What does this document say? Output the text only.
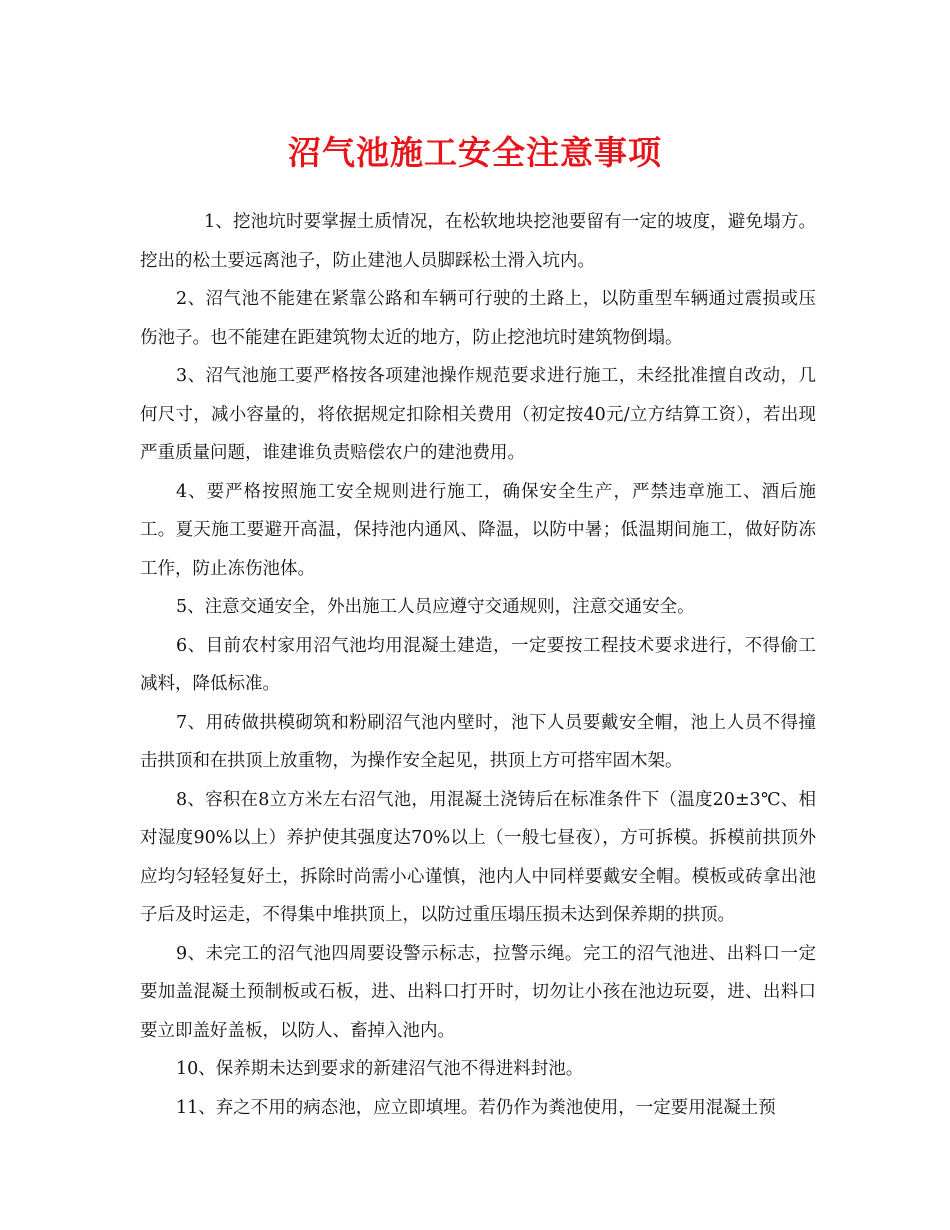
沼气池施工安全注意事项

1、挖池坑时要掌握土质情况，在松软地块挖池要留有一定的坡度，避免塌方。挖出的松土要远离池子，防止建池人员脚踩松土滑入坑内。

2、沼气池不能建在紧靠公路和车辆可行驶的土路上，以防重型车辆通过震损或压伤池子。也不能建在距建筑物太近的地方，防止挖池坑时建筑物倒塌。

3、沼气池施工要严格按各项建池操作规范要求进行施工，未经批准擅自改动，几何尺寸，减小容量的，将依据规定扣除相关费用（初定按40元/立方结算工资），若出现严重质量问题，谁建谁负责赔偿农户的建池费用。

4、要严格按照施工安全规则进行施工，确保安全生产，严禁违章施工、酒后施工。夏天施工要避开高温，保持池内通风、降温，以防中暑；低温期间施工，做好防冻工作，防止冻伤池体。

5、注意交通安全，外出施工人员应遵守交通规则，注意交通安全。

6、目前农村家用沼气池均用混凝土建造，一定要按工程技术要求进行，不得偷工减料，降低标准。

7、用砖做拱模砌筑和粉刷沼气池内壁时，池下人员要戴安全帽，池上人员不得撞击拱顶和在拱顶上放重物，为操作安全起见，拱顶上方可搭牢固木架。

8、容积在8立方米左右沼气池，用混凝土浇铸后在标准条件下（温度20±3℃、相对湿度90%以上）养护使其强度达70%以上（一般七昼夜），方可拆模。拆模前拱顶外应均匀轻轻复好土，拆除时尚需小心谨慎，池内人中同样要戴安全帽。模板或砖拿出池子后及时运走，不得集中堆拱顶上，以防过重压塌压损未达到保养期的拱顶。

9、未完工的沼气池四周要设警示标志，拉警示绳。完工的沼气池进、出料口一定要加盖混凝土预制板或石板，进、出料口打开时，切勿让小孩在池边玩耍，进、出料口要立即盖好盖板，以防人、畜掉入池内。

10、保养期未达到要求的新建沼气池不得进料封池。

11、弃之不用的病态池，应立即填埋。若仍作为粪池使用，一定要用混凝土预
